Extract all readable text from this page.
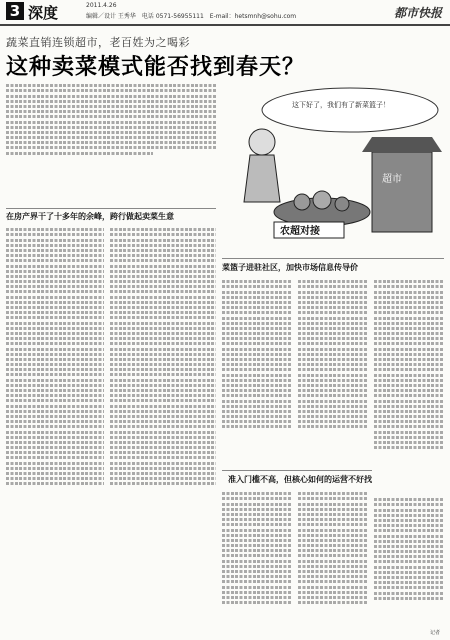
3 深度	2011.4.26
编辑／设计 王秀华　电话 0571-56955111　E-mail：hetsmnh@sohu.com	都市快报
蔬菜直销连锁超市，老百姓为之喝彩
这种卖菜模式能否找到春天？
这下好了，我们有了新菜篮子！
超市
农超对接
在房产界干了十多年的余峰，跨行做起卖菜生意
菜篮子进驻社区，加快市场信息传导价
准入门槛不高，但核心如何的运营不好找
记者
